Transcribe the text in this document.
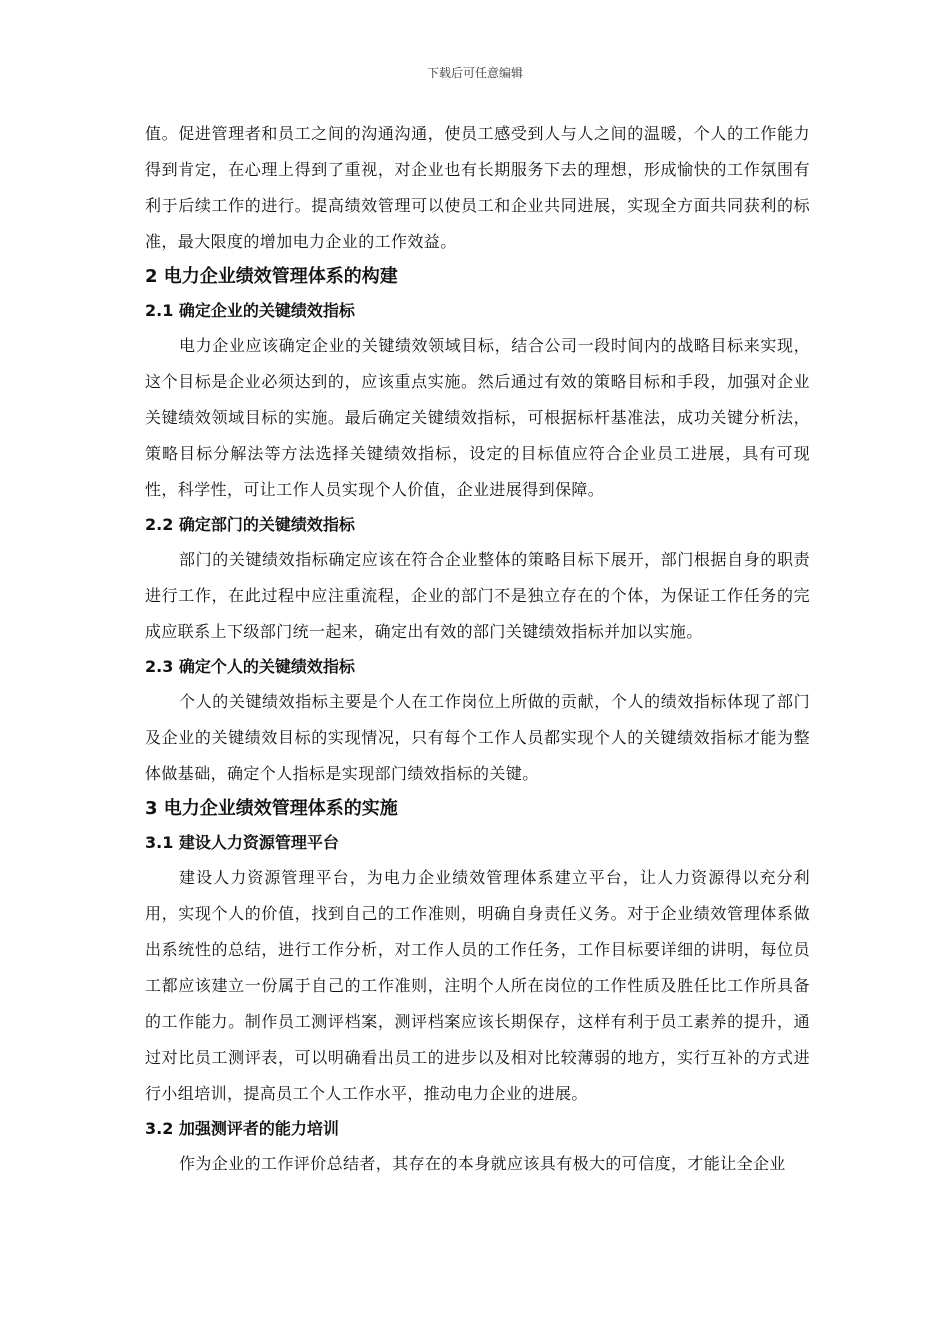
下载后可任意编辑

值。促进管理者和员工之间的沟通沟通，使员工感受到人与人之间的温暖，个人的工作能力得到肯定，在心理上得到了重视，对企业也有长期服务下去的理想，形成愉快的工作氛围有利于后续工作的进行。提高绩效管理可以使员工和企业共同进展，实现全方面共同获利的标准，最大限度的增加电力企业的工作效益。

2 电力企业绩效管理体系的构建
2.1 确定企业的关键绩效指标

电力企业应该确定企业的关键绩效领域目标，结合公司一段时间内的战略目标来实现，这个目标是企业必须达到的，应该重点实施。然后通过有效的策略目标和手段，加强对企业关键绩效领域目标的实施。最后确定关键绩效指标，可根据标杆基准法，成功关键分析法，策略目标分解法等方法选择关键绩效指标，设定的目标值应符合企业员工进展，具有可现性，科学性，可让工作人员实现个人价值，企业进展得到保障。

2.2 确定部门的关键绩效指标

部门的关键绩效指标确定应该在符合企业整体的策略目标下展开，部门根据自身的职责进行工作，在此过程中应注重流程，企业的部门不是独立存在的个体，为保证工作任务的完成应联系上下级部门统一起来，确定出有效的部门关键绩效指标并加以实施。

2.3 确定个人的关键绩效指标

个人的关键绩效指标主要是个人在工作岗位上所做的贡献，个人的绩效指标体现了部门及企业的关键绩效目标的实现情况，只有每个工作人员都实现个人的关键绩效指标才能为整体做基础，确定个人指标是实现部门绩效指标的关键。

3 电力企业绩效管理体系的实施
3.1 建设人力资源管理平台

建设人力资源管理平台，为电力企业绩效管理体系建立平台，让人力资源得以充分利用，实现个人的价值，找到自己的工作准则，明确自身责任义务。对于企业绩效管理体系做出系统性的总结，进行工作分析，对工作人员的工作任务，工作目标要详细的讲明，每位员工都应该建立一份属于自己的工作准则，注明个人所在岗位的工作性质及胜任比工作所具备的工作能力。制作员工测评档案，测评档案应该长期保存，这样有利于员工素养的提升，通过对比员工测评表，可以明确看出员工的进步以及相对比较薄弱的地方，实行互补的方式进行小组培训，提高员工个人工作水平，推动电力企业的进展。

3.2 加强测评者的能力培训

作为企业的工作评价总结者，其存在的本身就应该具有极大的可信度，才能让全企业
